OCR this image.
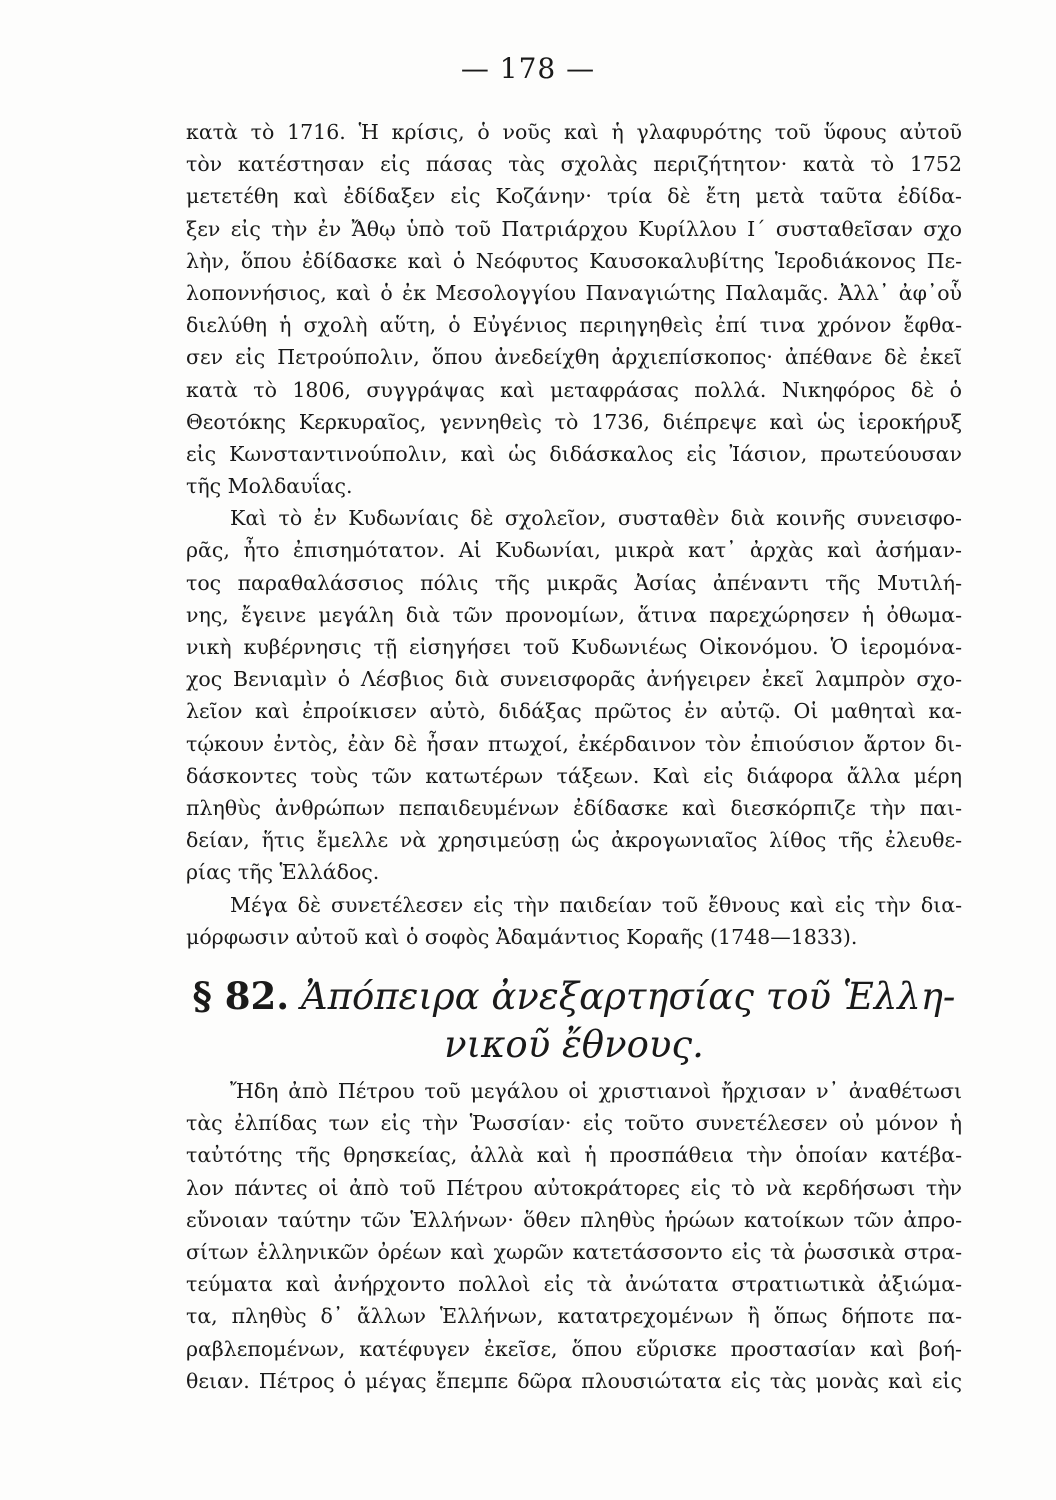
— 178 —
κατὰ τὸ 1716. Ἡ κρίσις, ὁ νοῦς καὶ ἡ γλαφυρότης τοῦ ὕφους αὐτοῦ
τὸν κατέστησαν εἰς πάσας τὰς σχολὰς περιζήτητον· κατὰ τὸ 1752
μετετέθη καὶ ἐδίδαξεν εἰς Κοζάνην· τρία δὲ ἔτη μετὰ ταῦτα ἐδίδα-
ξεν εἰς τὴν ἐν Ἄθῳ ὑπὸ τοῦ Πατριάρχου Κυρίλλου Ι΄ συσταθεῖσαν σχο
λὴν, ὅπου ἐδίδασκε καὶ ὁ Νεόφυτος Καυσοκαλυβίτης Ἱεροδιάκονος Πε-
λοποννήσιος, καὶ ὁ ἐκ Μεσολογγίου Παναγιώτης Παλαμᾶς. Ἀλλ᾽ ἀφ᾽οὗ
διελύθη ἡ σχολὴ αὕτη, ὁ Εὐγένιος περιηγηθεὶς ἐπί τινα χρόνον ἔφθα-
σεν εἰς Πετρούπολιν, ὅπου ἀνεδείχθη ἀρχιεπίσκοπος· ἀπέθανε δὲ ἐκεῖ
κατὰ τὸ 1806, συγγράψας καὶ μεταφράσας πολλά. Νικηφόρος δὲ ὁ
Θεοτόκης Κερκυραῖος, γεννηθεὶς τὸ 1736, διέπρεψε καὶ ὡς ἱεροκήρυξ
εἰς Κωνσταντινούπολιν, καὶ ὡς διδάσκαλος εἰς Ἰάσιον, πρωτεύουσαν
τῆς Μολδαυΐας.
Καὶ τὸ ἐν Κυδωνίαις δὲ σχολεῖον, συσταθὲν διὰ κοινῆς συνεισφο-
ρᾶς, ἦτο ἐπισημότατον. Αἱ Κυδωνίαι, μικρὰ κατ᾽ ἀρχὰς καὶ ἀσήμαν-
τος παραθαλάσσιος πόλις τῆς μικρᾶς Ἀσίας ἀπέναντι τῆς Μυτιλή-
νης, ἔγεινε μεγάλη διὰ τῶν προνομίων, ἅτινα παρεχώρησεν ἡ ὀθωμα-
νικὴ κυβέρνησις τῇ εἰσηγήσει τοῦ Κυδωνιέως Οἰκονόμου. Ὁ ἱερομόνα-
χος Βενιαμὶν ὁ Λέσβιος διὰ συνεισφορᾶς ἀνήγειρεν ἐκεῖ λαμπρὸν σχο-
λεῖον καὶ ἐπροίκισεν αὐτὸ, διδάξας πρῶτος ἐν αὐτῷ. Οἱ μαθηταὶ κα-
τῴκουν ἐντὸς, ἐὰν δὲ ἦσαν πτωχοί, ἐκέρδαινον τὸν ἐπιούσιον ἄρτον δι-
δάσκοντες τοὺς τῶν κατωτέρων τάξεων. Καὶ εἰς διάφορα ἄλλα μέρη
πληθὺς ἀνθρώπων πεπαιδευμένων ἐδίδασκε καὶ διεσκόρπιζε τὴν παι-
δείαν, ἥτις ἔμελλε νὰ χρησιμεύσῃ ὡς ἀκρογωνιαῖος λίθος τῆς ἐλευθε-
ρίας τῆς Ἑλλάδος.
Μέγα δὲ συνετέλεσεν εἰς τὴν παιδείαν τοῦ ἔθνους καὶ εἰς τὴν δια-
μόρφωσιν αὐτοῦ καὶ ὁ σοφὸς Ἀδαμάντιος Κοραῆς (1748—1833).
§ 82. Ἀπόπειρα ἀνεξαρτησίας τοῦ Ἑλλη-
νικοῦ ἔθνους.
Ἤδη ἀπὸ Πέτρου τοῦ μεγάλου οἱ χριστιανοὶ ἤρχισαν ν᾽ ἀναθέτωσι
τὰς ἐλπίδας των εἰς τὴν Ῥωσσίαν· εἰς τοῦτο συνετέλεσεν οὐ μόνον ἡ
ταὐτότης τῆς θρησκείας, ἀλλὰ καὶ ἡ προσπάθεια τὴν ὁποίαν κατέβα-
λον πάντες οἱ ἀπὸ τοῦ Πέτρου αὐτοκράτορες εἰς τὸ νὰ κερδήσωσι τὴν
εὔνοιαν ταύτην τῶν Ἑλλήνων· ὅθεν πληθὺς ἡρώων κατοίκων τῶν ἀπρο-
σίτων ἑλληνικῶν ὀρέων καὶ χωρῶν κατετάσσοντο εἰς τὰ ῥωσσικὰ στρα-
τεύματα καὶ ἀνήρχοντο πολλοὶ εἰς τὰ ἀνώτατα στρατιωτικὰ ἀξιώμα-
τα, πληθὺς δ᾽ ἄλλων Ἑλλήνων, κατατρεχομένων ἢ ὅπως δήποτε πα-
ραβλεπομένων, κατέφυγεν ἐκεῖσε, ὅπου εὕρισκε προστασίαν καὶ βοή-
θειαν. Πέτρος ὁ μέγας ἔπεμπε δῶρα πλουσιώτατα εἰς τὰς μονὰς καὶ εἰς
